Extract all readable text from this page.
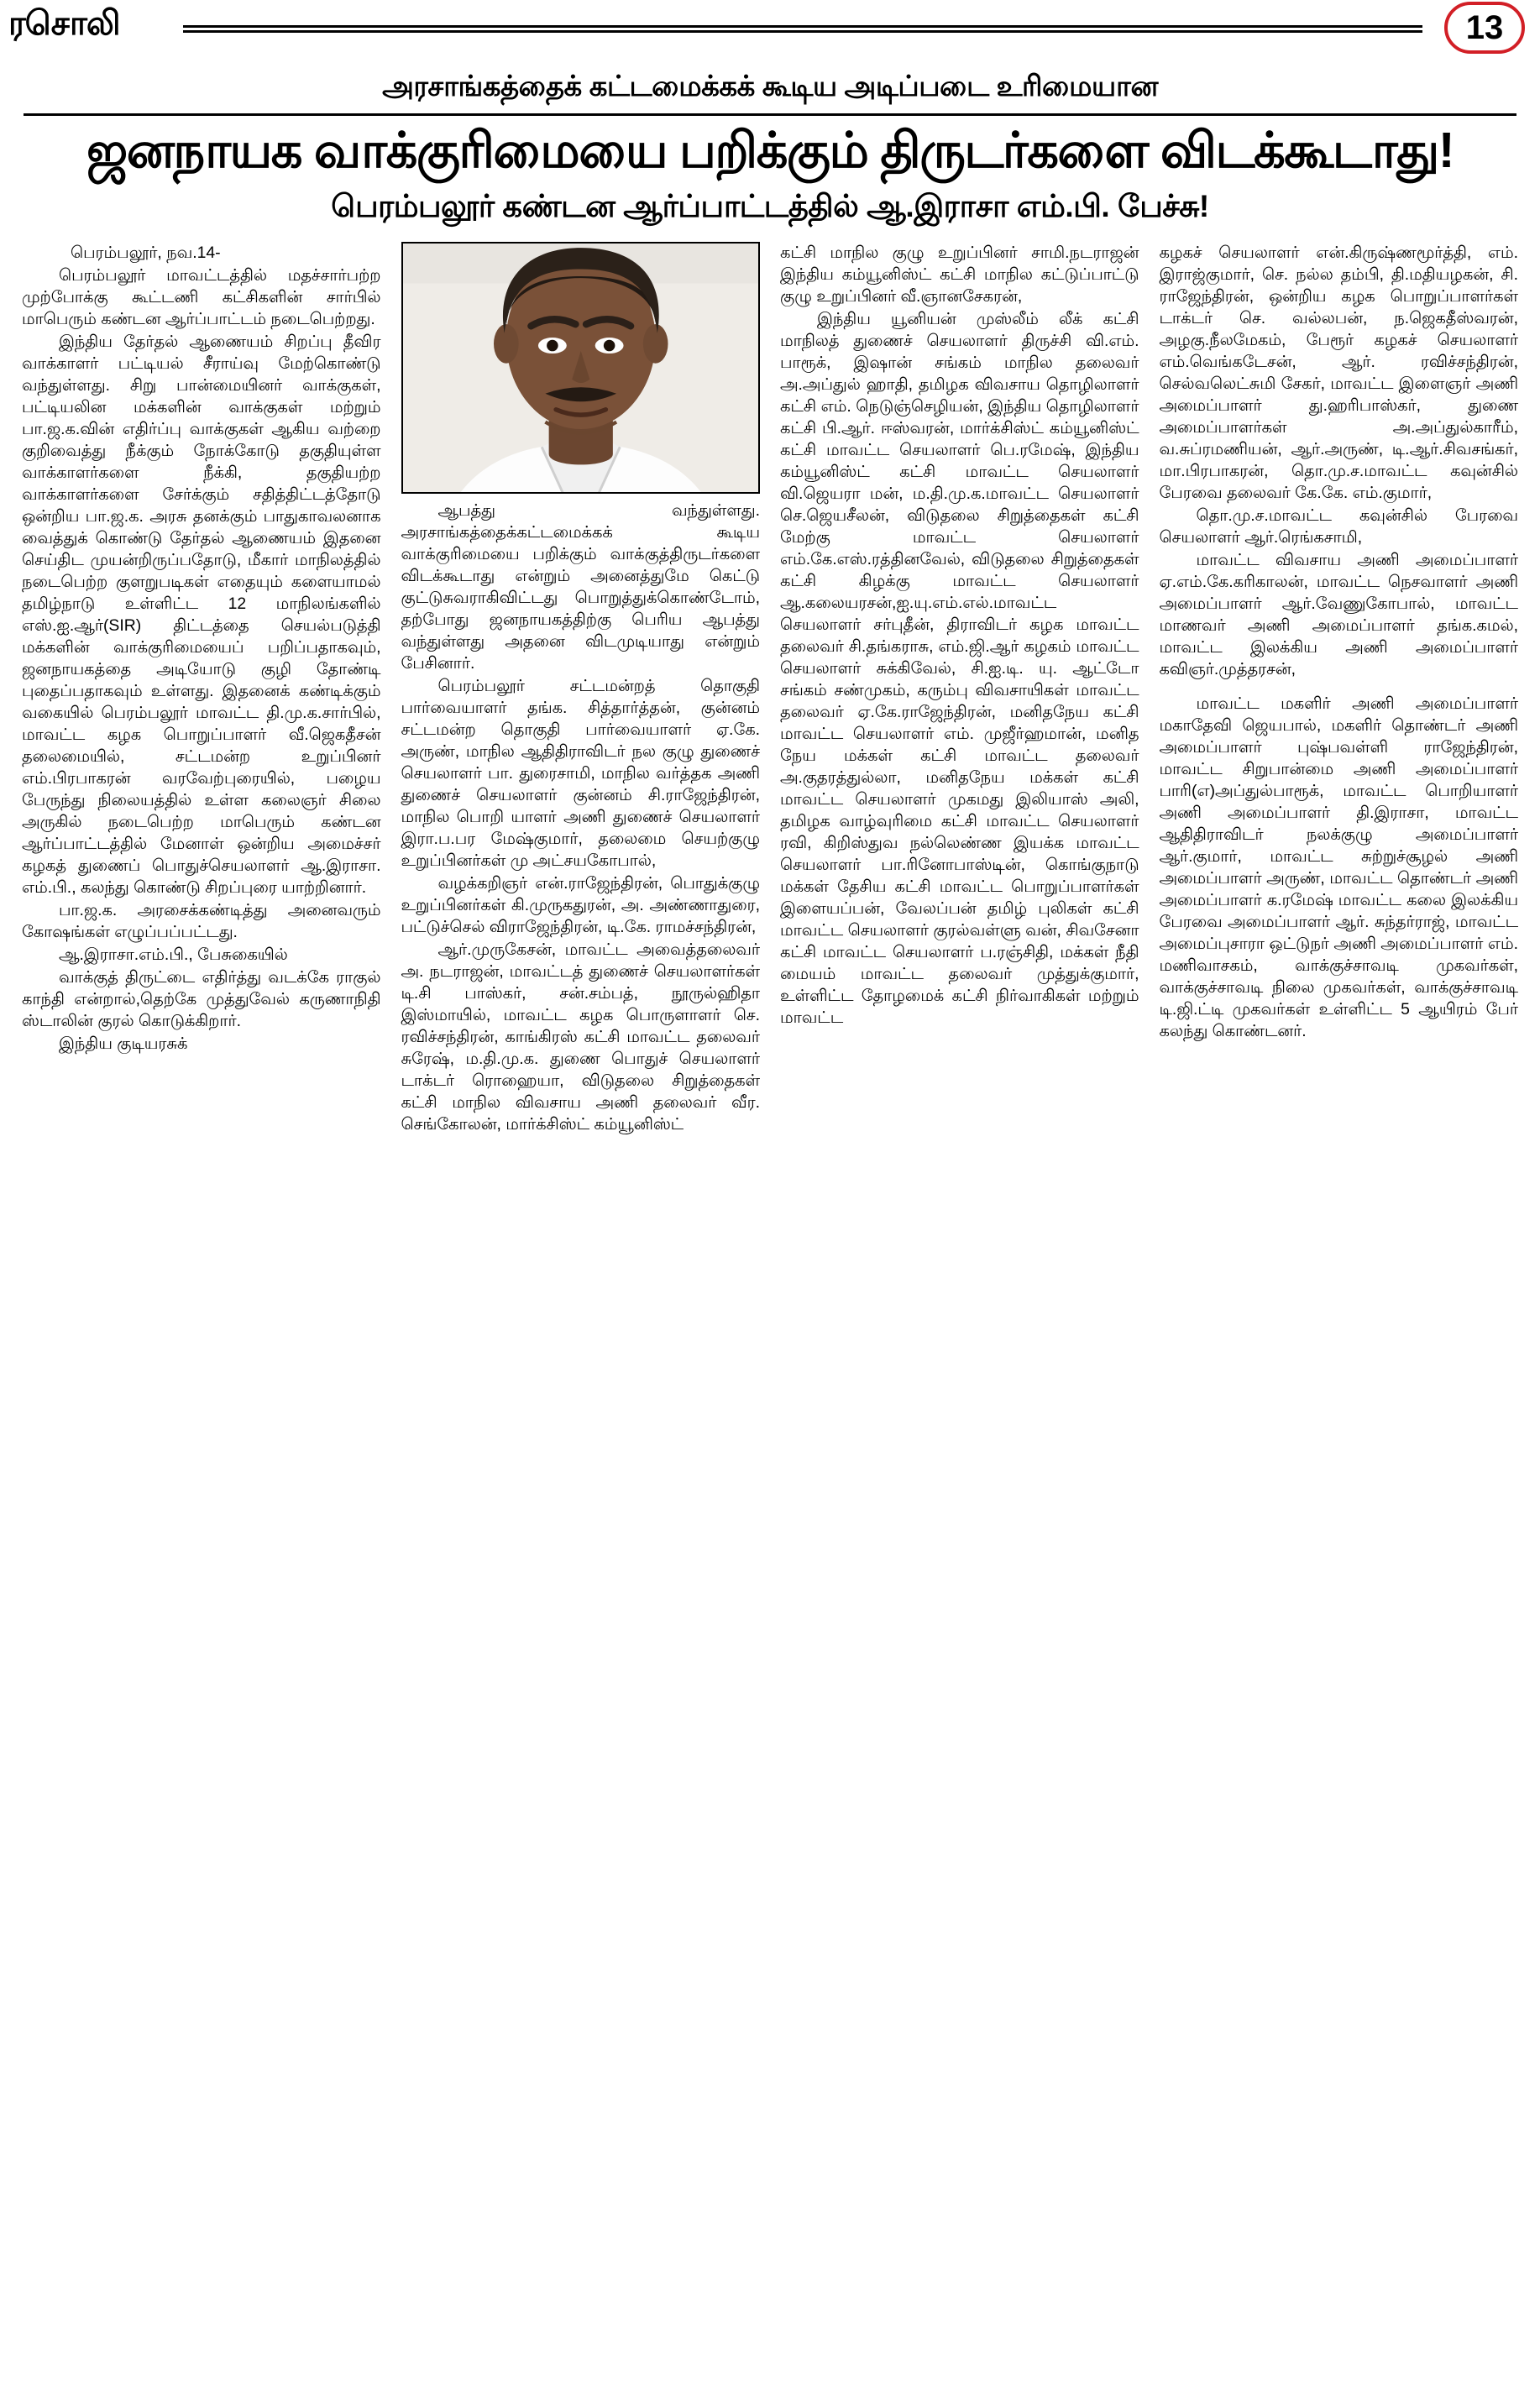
ரசொலி	13
அரசாங்கத்தைக் கட்டமைக்கக் கூடிய அடிப்படை உரிமையான
ஜனநாயக வாக்குரிமையை பறிக்கும் திருடர்களை விடக்கூடாது!
பெரம்பலூர் கண்டன ஆர்ப்பாட்டத்தில் ஆ.இராசா எம்.பி. பேச்சு!

பெரம்பலூர், நவ.14-

பெரம்பலூர் மாவட்டத்தில் மதச்சார்பற்ற முற்போக்கு கூட்டணி கட்சிகளின் சார்பில் மாபெரும் கண்டன ஆர்ப்பாட்டம் நடைபெற்றது.

இந்திய தேர்தல் ஆணையம் சிறப்பு தீவிர வாக்காளர் பட்டியல் சீராய்வு மேற்கொண்டு வந்துள்ளது. சிறு பான்மையினர் வாக்குகள், பட்டியலின மக்களின் வாக்குகள் மற்றும் பா.ஜ.க.வின் எதிர்ப்பு வாக்குகள் ஆகிய வற்றை குறிவைத்து நீக்கும் நோக்கோடு தகுதியுள்ள வாக்காளர்களை நீக்கி, தகுதியற்ற வாக்காளர்களை சேர்க்கும் சதித்திட்டத்தோடு ஒன்றிய பா.ஜ.க. அரசு தனக்கும் பாதுகாவலனாக வைத்துக் கொண்டு தேர்தல் ஆணையம் இதனை செய்திட முயன்றிருப்பதோடு, மீகார் மாநிலத்தில் நடைபெற்ற குளறுபடிகள் எதையும் களையாமல் தமிழ்நாடு உள்ளிட்ட 12 மாநிலங்களில் எஸ்.ஐ.ஆர்(SIR) திட்டத்தை செயல்படுத்தி மக்களின் வாக்குரிமையைப் பறிப்பதாகவும், ஜனநாயகத்தை அடியோடு குழி தோண்டி புதைப்பதாகவும் உள்ளது. இதனைக் கண்டிக்கும் வகையில் பெரம்பலூர் மாவட்ட தி.மு.க.சார்பில், மாவட்ட கழக பொறுப்பாளர் வீ.ஜெகதீசன் தலைமையில், சட்டமன்ற உறுப்பினர் எம்.பிரபாகரன் வரவேற்புரையில், பழைய பேருந்து நிலையத்தில் உள்ள கலைஞர் சிலை அருகில் நடைபெற்ற மாபெரும் கண்டன ஆர்ப்பாட்டத்தில் மேனாள் ஒன்றிய அமைச்சர் கழகத் துணைப் பொதுச்செயலாளர் ஆ.இராசா. எம்.பி., கலந்து கொண்டு சிறப்புரை யாற்றினார்.

பா.ஜ.க. அரசைக்கண்டித்து அனைவரும் கோஷங்கள் எழுப்பப்பட்டது.

ஆ.இராசா.எம்.பி., பேசுகையில்

வாக்குத் திருட்டை எதிர்த்து வடக்கே ராகுல் காந்தி என்றால்,தெற்கே முத்துவேல் கருணாநிதி ஸ்டாலின் குரல் கொடுக்கிறார்.

இந்திய குடியரசுக்

ஆபத்து வந்துள்ளது. அரசாங்கத்தைக்கட்டமைக்கக் கூடிய வாக்குரிமையை பறிக்கும் வாக்குத்திருடர்களை விடக்கூடாது என்றும் அனைத்துமே கெட்டு குட்டுசுவராகிவிட்டது பொறுத்துக்கொண்டோம், தற்போது ஜனநாயகத்திற்கு பெரிய ஆபத்து வந்துள்ளது அதனை விடமுடியாது என்றும் பேசினார்.

பெரம்பலூர் சட்டமன்றத் தொகுதி பார்வையாளர் தங்க. சித்தார்த்தன், குன்னம் சட்டமன்ற தொகுதி பார்வையாளர் ஏ.கே. அருண், மாநில ஆதிதிராவிடர் நல குழு துணைச் செயலாளர் பா. துரைசாமி, மாநில வர்த்தக அணி துணைச் செயலாளர் குன்னம் சி.ராஜேந்திரன், மாநில பொறி யாளர் அணி துணைச் செயலாளர் இரா.ப.பர மேஷ்குமார், தலைமை செயற்குழு உறுப்பினர்கள் மு அட்சயகோபால்,

வழக்கறிஞர் என்.ராஜேந்திரன், பொதுக்குழு உறுப்பினர்கள் கி.முருகதுரன், அ. அண்ணாதுரை, பட்டுச்செல் விராஜேந்திரன், டி.கே. ராமச்சந்திரன்,

ஆர்.முருகேசன், மாவட்ட அவைத்தலைவர் அ. நடராஜன், மாவட்டத் துணைச் செயலாளர்கள் டி.சி பாஸ்கர், சன்.சம்பத், நூருல்ஹிதா இஸ்மாயில், மாவட்ட கழக பொருளாளர் செ. ரவிச்சந்திரன், காங்கிரஸ் கட்சி மாவட்ட தலைவர் சுரேஷ், ம.தி.மு.க. துணை பொதுச் செயலாளர் டாக்டர் ரொஹையா, விடுதலை சிறுத்தைகள் கட்சி மாநில விவசாய அணி தலைவர் வீர. செங்கோலன், மார்க்சிஸ்ட் கம்யூனிஸ்ட்

கட்சி மாநில குழு உறுப்பினர் சாமி.நடராஜன் இந்திய கம்யூனிஸ்ட் கட்சி மாநில கட்டுப்பாட்டு குழு உறுப்பினர் வீ.ஞானசேகரன்,

இந்திய யூனியன் முஸ்லீம் லீக் கட்சி மாநிலத் துணைச் செயலாளர் திருச்சி வி.எம். பாரூக், இஷான் சங்கம் மாநில தலைவர் அ.அப்துல் ஹாதி, தமிழக விவசாய தொழிலாளர் கட்சி எம். நெடுஞ்செழியன், இந்திய தொழிலாளர் கட்சி பி.ஆர். ஈஸ்வரன், மார்க்சிஸ்ட் கம்யூனிஸ்ட் கட்சி மாவட்ட செயலாளர் பெ.ரமேஷ், இந்திய கம்யூனிஸ்ட் கட்சி மாவட்ட செயலாளர் வி.ஜெயரா மன், ம.தி.மு.க.மாவட்ட செயலாளர் செ.ஜெயசீலன், விடுதலை சிறுத்தைகள் கட்சி மேற்கு மாவட்ட செயலாளர் எம்.கே.எஸ்.ரத்தினவேல், விடுதலை சிறுத்தைகள் கட்சி கிழக்கு மாவட்ட செயலாளர் ஆ.கலையரசன்,ஐ.யு.எம்.எல்.மாவட்ட செயலாளர் சர்புதீன், திராவிடர் கழக மாவட்ட தலைவர் சி.தங்கராசு, எம்.ஜி.ஆர் கழகம் மாவட்ட செயலாளர் சுக்கிவேல், சி.ஐ.டி. யு. ஆட்டோ சங்கம் சண்முகம், கரும்பு விவசாயிகள் மாவட்ட தலைவர் ஏ.கே.ராஜேந்திரன், மனிதநேய கட்சி மாவட்ட செயலாளர் எம். முஜீர்ஹமான், மனித நேய மக்கள் கட்சி மாவட்ட தலைவர் அ.குதரத்துல்லா, மனிதநேய மக்கள் கட்சி மாவட்ட செயலாளர் முகமது இலியாஸ் அலி, தமிழக வாழ்வுரிமை கட்சி மாவட்ட செயலாளர் ரவி, கிறிஸ்துவ நல்லெண்ண இயக்க மாவட்ட செயலாளர் பா.ரினோபாஸ்டின், கொங்குநாடு மக்கள் தேசிய கட்சி மாவட்ட பொறுப்பாளர்கள் இளையப்பன், வேலப்பன் தமிழ் புலிகள் கட்சி மாவட்ட செயலாளர் குரல்வள்ளு வன், சிவசேனா கட்சி மாவட்ட செயலாளர் ப.ரஞ்சிதி, மக்கள் நீதி மையம் மாவட்ட தலைவர் முத்துக்குமார், உள்ளிட்ட தோழமைக் கட்சி நிர்வாகிகள் மற்றும் மாவட்ட

கழகச் செயலாளர் என்.கிருஷ்ணமூர்த்தி, எம். இராஜ்குமார், செ. நல்ல தம்பி, தி.மதியழகன், சி. ராஜேந்திரன், ஒன்றிய கழக பொறுப்பாளர்கள் டாக்டர் செ. வல்லபன், ந.ஜெகதீஸ்வரன், அழகு.நீலமேகம், பேரூர் கழகச் செயலாளர் எம்.வெங்கடேசன், ஆர். ரவிச்சந்திரன், செல்வலெட்சுமி சேகர், மாவட்ட இளைஞர் அணி அமைப்பாளர் து.ஹரிபாஸ்கர், துணை அமைப்பாளர்கள் அ.அப்துல்காரீம், வ.சுப்ரமணியன், ஆர்.அருண், டி.ஆர்.சிவசங்கர், மா.பிரபாகரன், தொ.மு.ச.மாவட்ட கவுன்சில் பேரவை தலைவர் கே.கே. எம்.குமார்,

தொ.மு.ச.மாவட்ட கவுன்சில் பேரவை செயலாளர் ஆர்.ரெங்கசாமி,

மாவட்ட விவசாய அணி அமைப்பாளர் ஏ.எம்.கே.கரிகாலன், மாவட்ட நெசவாளர் அணி அமைப்பாளர் ஆர்.வேணுகோபால், மாவட்ட மாணவர் அணி அமைப்பாளர் தங்க.கமல், மாவட்ட இலக்கிய அணி அமைப்பாளர் கவிஞர்.முத்தரசன்,

மாவட்ட மகளிர் அணி அமைப்பாளர் மகாதேவி ஜெயபால், மகளிர் தொண்டர் அணி அமைப்பாளர் புஷ்பவள்ளி ராஜேந்திரன், மாவட்ட சிறுபான்மை அணி அமைப்பாளர் பாரி(எ)அப்துல்பாரூக், மாவட்ட பொறியாளர் அணி அமைப்பாளர் தி.இராசா, மாவட்ட ஆதிதிராவிடர் நலக்குழு அமைப்பாளர் ஆர்.குமார், மாவட்ட சுற்றுச்சூழல் அணி அமைப்பாளர் அருண், மாவட்ட தொண்டர் அணி அமைப்பாளர் க.ரமேஷ் மாவட்ட கலை இலக்கிய பேரவை அமைப்பாளர் ஆர். சுந்தர்ராஜ், மாவட்ட அமைப்புசாரா ஒட்டுநர் அணி அமைப்பாளர் எம். மணிவாசகம், வாக்குச்சாவடி முகவர்கள், வாக்குச்சாவடி நிலை முகவர்கள், வாக்குச்சாவடி டி.ஜி.ட்டி முகவர்கள் உள்ளிட்ட 5 ஆயிரம் பேர் கலந்து கொண்டனர்.
